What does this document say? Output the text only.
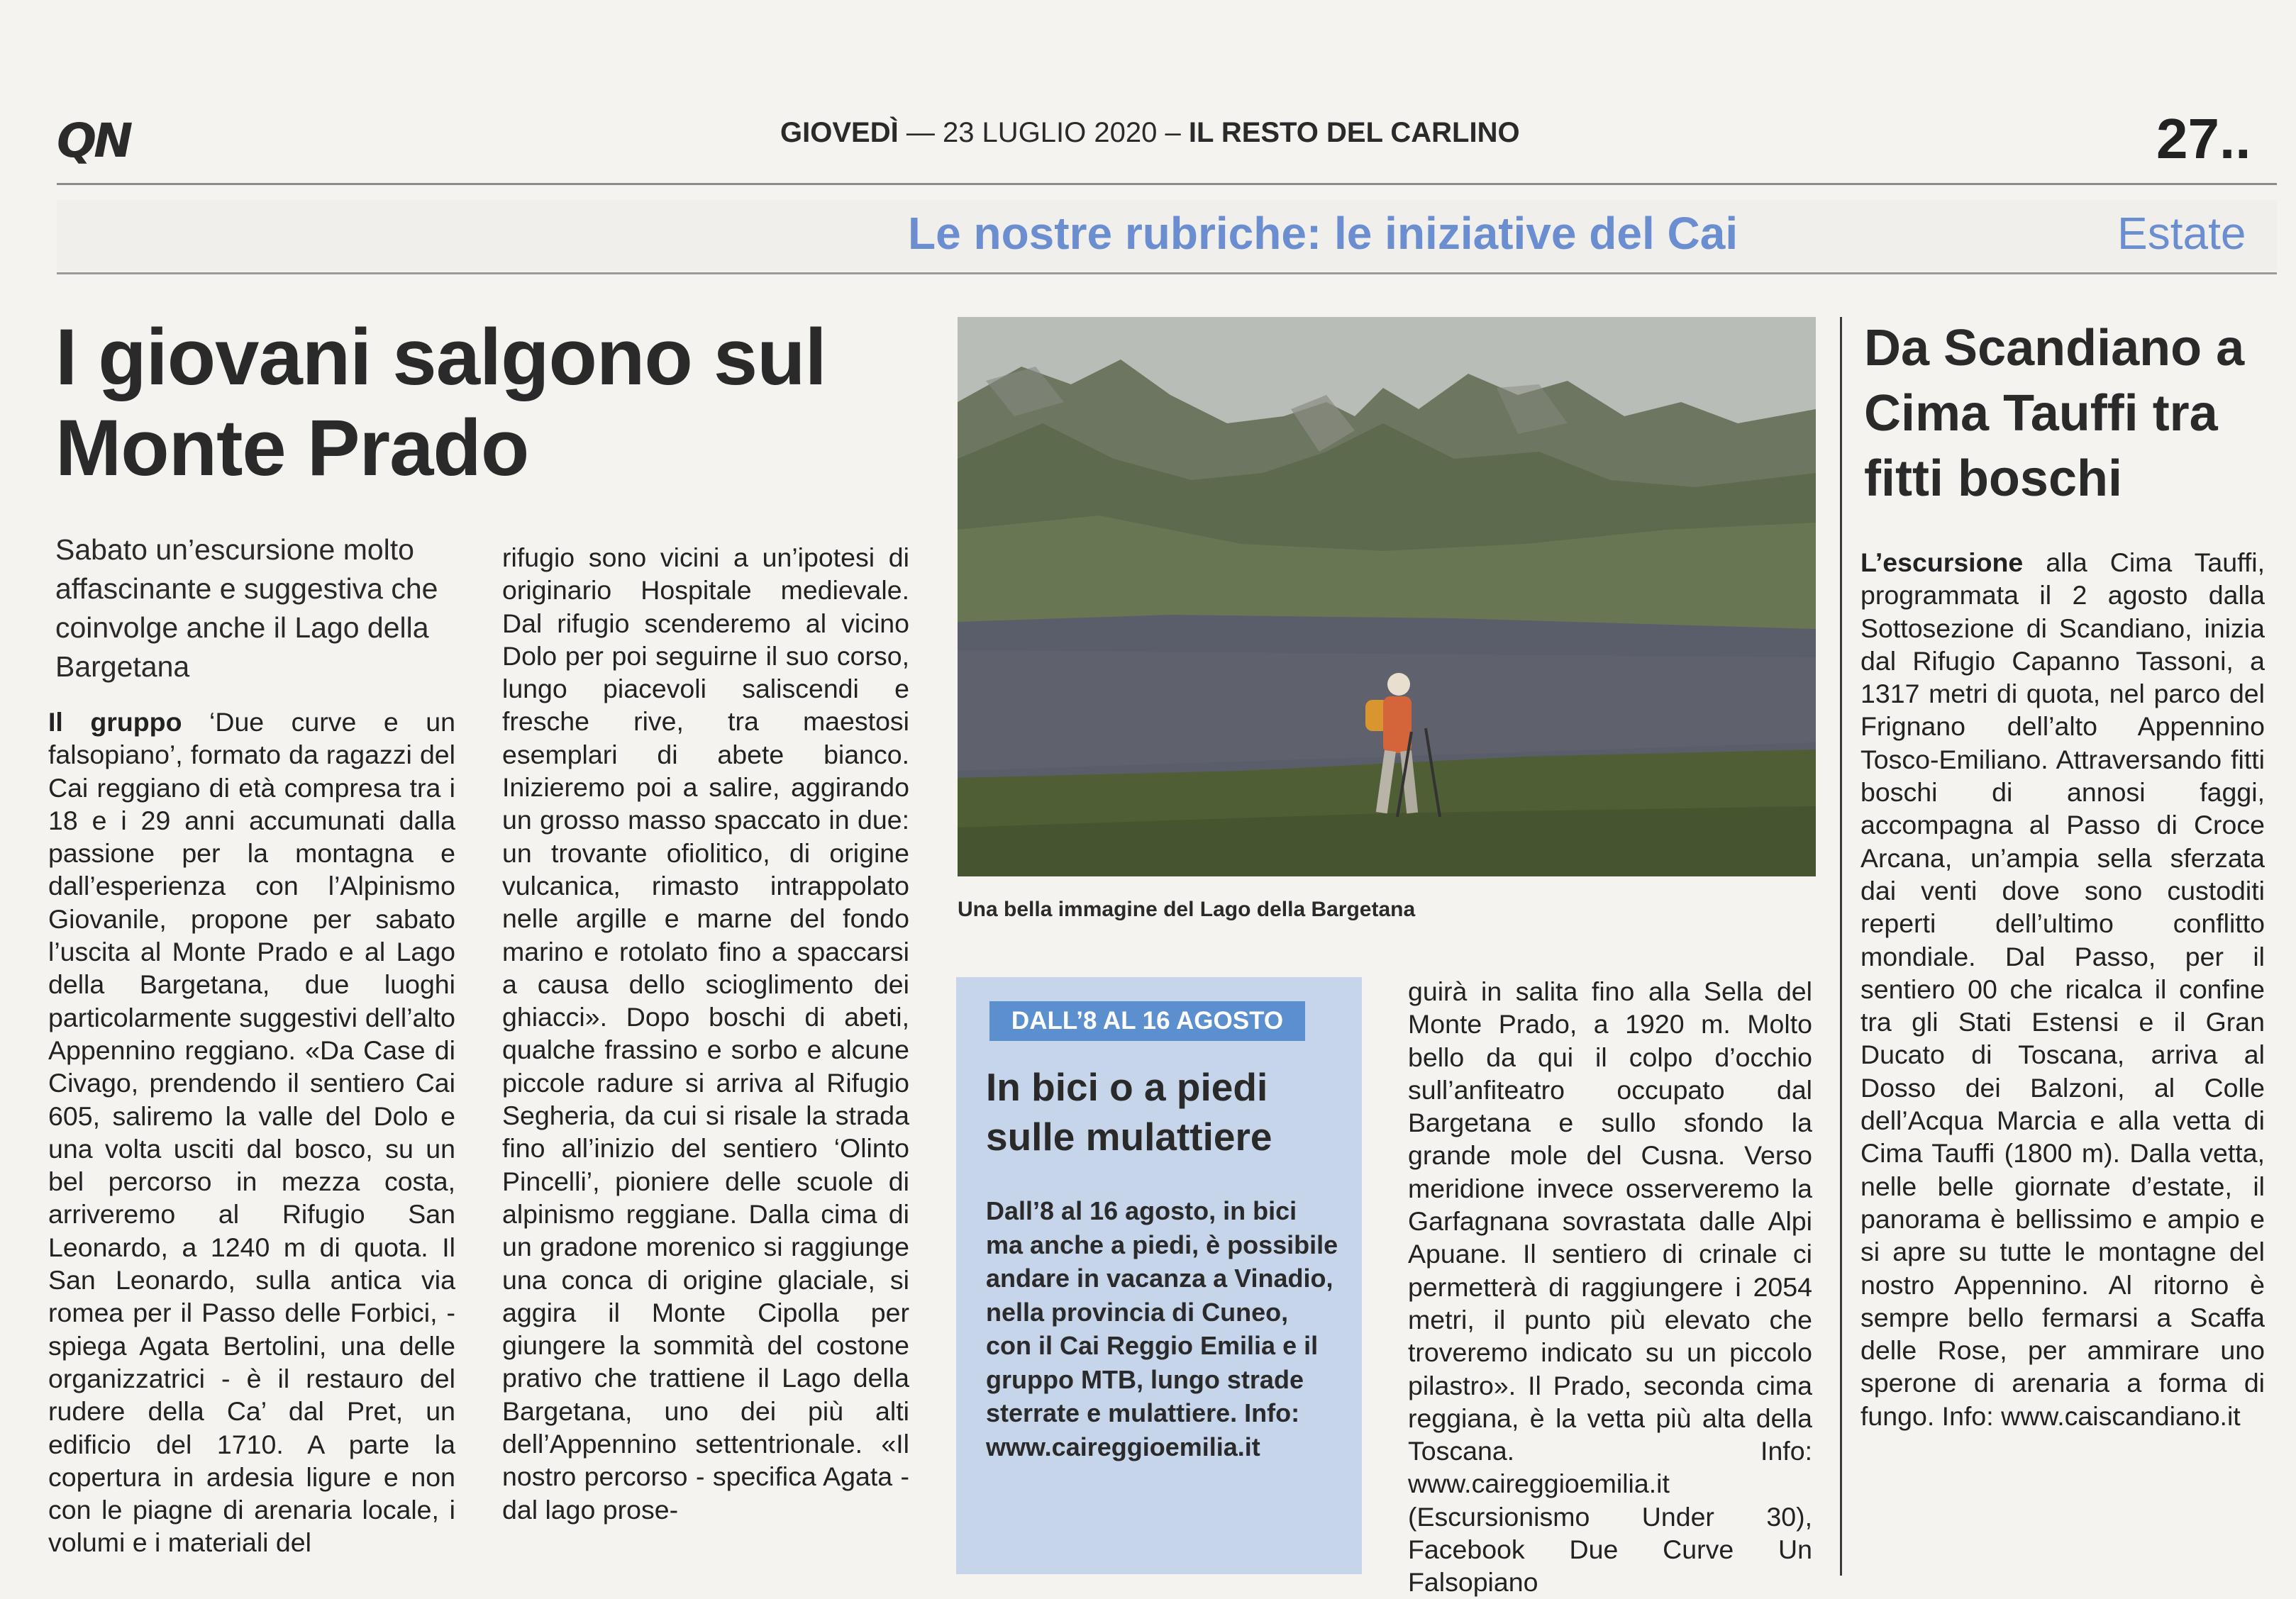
QN	GIOVEDÌ — 23 LUGLIO 2020 – IL RESTO DEL CARLINO	27..
Le nostre rubriche: le iniziative del Cai	Estate
I giovani salgono sul Monte Prado
Sabato un’escursione molto affascinante e suggestiva che coinvolge anche il Lago della Bargetana
Il gruppo ‘Due curve e un falsopiano’, formato da ragazzi del Cai reggiano di età compresa tra i 18 e i 29 anni accumunati dalla passione per la montagna e dall’esperienza con l’Alpinismo Giovanile, propone per sabato l’uscita al Monte Prado e al Lago della Bargetana, due luoghi particolarmente suggestivi dell’alto Appennino reggiano. «Da Case di Civago, prendendo il sentiero Cai 605, saliremo la valle del Dolo e una volta usciti dal bosco, su un bel percorso in mezza costa, arriveremo al Rifugio San Leonardo, a 1240 m di quota. Il San Leonardo, sulla antica via romea per il Passo delle Forbici, - spiega Agata Bertolini, una delle organizzatrici - è il restauro del rudere della Ca’ dal Pret, un edificio del 1710. A parte la copertura in ardesia ligure e non con le piagne di arenaria locale, i volumi e i materiali del
rifugio sono vicini a un’ipotesi di originario Hospitale medievale. Dal rifugio scenderemo al vicino Dolo per poi seguirne il suo corso, lungo piacevoli saliscendi e fresche rive, tra maestosi esemplari di abete bianco. Inizieremo poi a salire, aggirando un grosso masso spaccato in due: un trovante ofiolitico, di origine vulcanica, rimasto intrappolato nelle argille e marne del fondo marino e rotolato fino a spaccarsi a causa dello scioglimento dei ghiacci». Dopo boschi di abeti, qualche frassino e sorbo e alcune piccole radure si arriva al Rifugio Segheria, da cui si risale la strada fino all’inizio del sentiero ‘Olinto Pincelli’, pioniere delle scuole di alpinismo reggiane. Dalla cima di un gradone morenico si raggiunge una conca di origine glaciale, si aggira il Monte Cipolla per giungere la sommità del costone prativo che trattiene il Lago della Bargetana, uno dei più alti dell’Appennino settentrionale. «Il nostro percorso - specifica Agata - dal lago prose-
Una bella immagine del Lago della Bargetana
DALL’8 AL 16 AGOSTO
In bici o a piedi sulle mulattiere
Dall’8 al 16 agosto, in bici ma anche a piedi, è possibile andare in vacanza a Vinadio, nella provincia di Cuneo, con il Cai Reggio Emilia e il gruppo MTB, lungo strade sterrate e mulattiere. Info: www.caireggioemilia.it
guirà in salita fino alla Sella del Monte Prado, a 1920 m. Molto bello da qui il colpo d’occhio sull’anfiteatro occupato dal Bargetana e sullo sfondo la grande mole del Cusna. Verso meridione invece osserveremo la Garfagnana sovrastata dalle Alpi Apuane. Il sentiero di crinale ci permetterà di raggiungere i 2054 metri, il punto più elevato che troveremo indicato su un piccolo pilastro». Il Prado, seconda cima reggiana, è la vetta più alta della Toscana. Info: www.caireggioemilia.it (Escursionismo Under 30), Facebook Due Curve Un Falsopiano
Da Scandiano a Cima Tauffi tra fitti boschi
L’escursione alla Cima Tauffi, programmata il 2 agosto dalla Sottosezione di Scandiano, inizia dal Rifugio Capanno Tassoni, a 1317 metri di quota, nel parco del Frignano dell’alto Appennino Tosco-Emiliano. Attraversando fitti boschi di annosi faggi, accompagna al Passo di Croce Arcana, un’ampia sella sferzata dai venti dove sono custoditi reperti dell’ultimo conflitto mondiale. Dal Passo, per il sentiero 00 che ricalca il confine tra gli Stati Estensi e il Gran Ducato di Toscana, arriva al Dosso dei Balzoni, al Colle dell’Acqua Marcia e alla vetta di Cima Tauffi (1800 m). Dalla vetta, nelle belle giornate d’estate, il panorama è bellissimo e ampio e si apre su tutte le montagne del nostro Appennino. Al ritorno è sempre bello fermarsi a Scaffa delle Rose, per ammirare uno sperone di arenaria a forma di fungo. Info: www.caiscandiano.it
